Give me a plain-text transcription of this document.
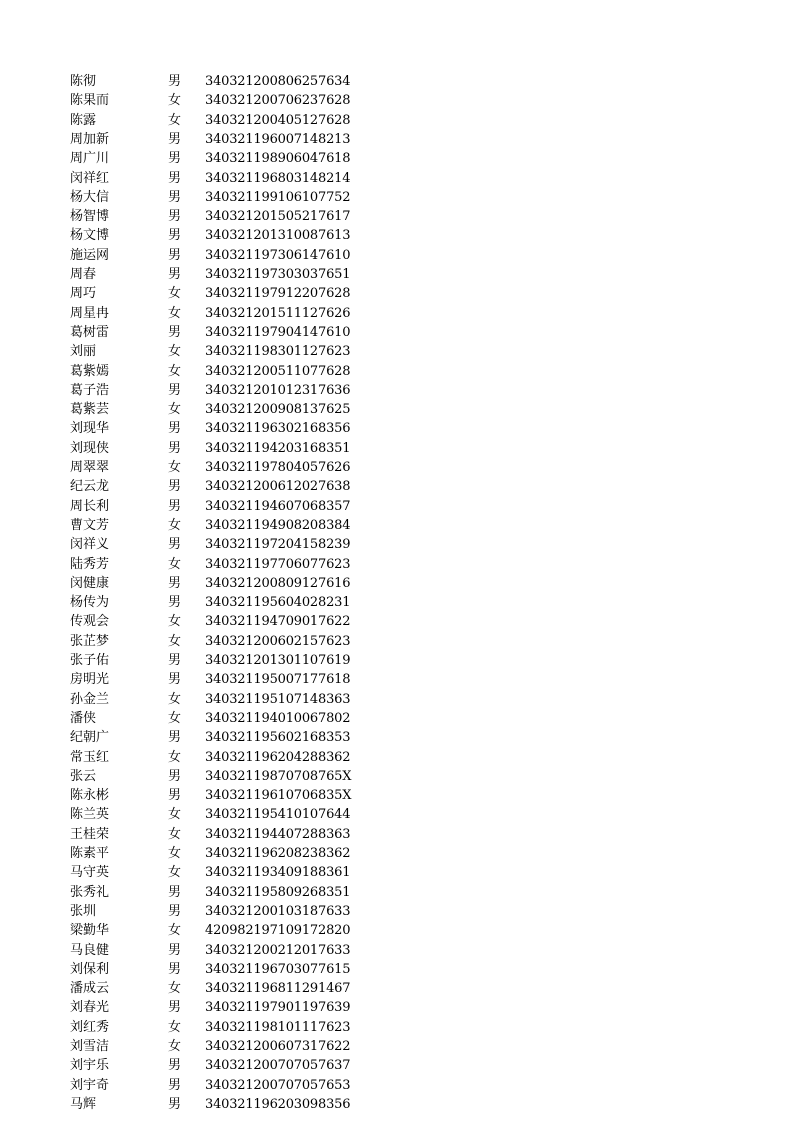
陈彻	男 340321200806257634
陈果而	女 340321200706237628
陈露	女 340321200405127628
周加新	男 340321196007148213
周广川	男 340321198906047618
闵祥红	男 340321196803148214
杨大信	男 340321199106107752
杨智博	男 340321201505217617
杨文博	男 340321201310087613
施运网	男 340321197306147610
周春	男 340321197303037651
周巧	女 340321197912207628
周星冉	女 340321201511127626
葛树雷	男 340321197904147610
刘丽	女 340321198301127623
葛紫嫣	女 340321200511077628
葛子浩	男 340321201012317636
葛紫芸	女 340321200908137625
刘现华	男 340321196302168356
刘现侠	男 340321194203168351
周翠翠	女 340321197804057626
纪云龙	男 340321200612027638
周长利	男 340321194607068357
曹文芳	女 340321194908208384
闵祥义	男 340321197204158239
陆秀芳	女 340321197706077623
闵健康	男 340321200809127616
杨传为	男 340321195604028231
传观会	女 340321194709017622
张芷梦	女 340321200602157623
张子佑	男 340321201301107619
房明光	男 340321195007177618
孙金兰	女 340321195107148363
潘侠	女 340321194010067802
纪朝广	男 340321195602168353
常玉红	女 340321196204288362
张云	男 34032119870708765X
陈永彬	男 34032119610706835X
陈兰英	女 340321195410107644
王桂荣	女 340321194407288363
陈素平	女 340321196208238362
马守英	女 340321193409188361
张秀礼	男 340321195809268351
张圳	男 340321200103187633
梁勤华	女 420982197109172820
马良健	男 340321200212017633
刘保利	男 340321196703077615
潘成云	女 340321196811291467
刘春光	男 340321197901197639
刘红秀	女 340321198101117623
刘雪洁	女 340321200607317622
刘宇乐	男 340321200707057637
刘宇奇	男 340321200707057653
马辉	男 340321196203098356
